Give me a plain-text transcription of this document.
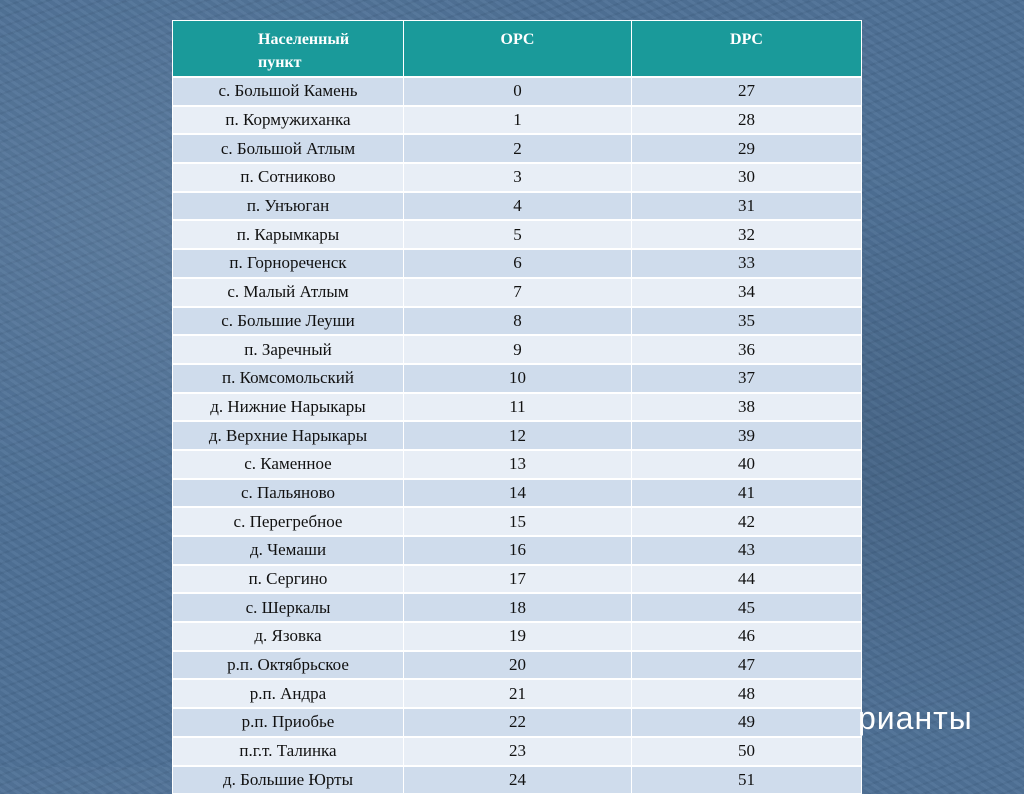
Населенный пункт	ОРС	DPC

с. Большой Камень	0	27
п. Кормужиханка	1	28
с. Большой Атлым	2	29
п. Сотниково	3	30
п. Унъюган	4	31
п. Карымкары	5	32
п. Горнореченск	6	33
с. Малый Атлым	7	34
с. Большие Леуши	8	35
п. Заречный	9	36
п. Комсомольский	10	37
д. Нижние Нарыкары	11	38
д. Верхние Нарыкары	12	39
с. Каменное	13	40
с. Пальяново	14	41
с. Перегребное	15	42
д. Чемаши	16	43
п. Сергино	17	44
с. Шеркалы	18	45
д. Язовка	19	46
р.п. Октябрьское	20	47
р.п. Андра	21	48
р.п. Приобье	22	49
п.г.т. Талинка	23	50
д. Большие Юрты	24	51
рианты
